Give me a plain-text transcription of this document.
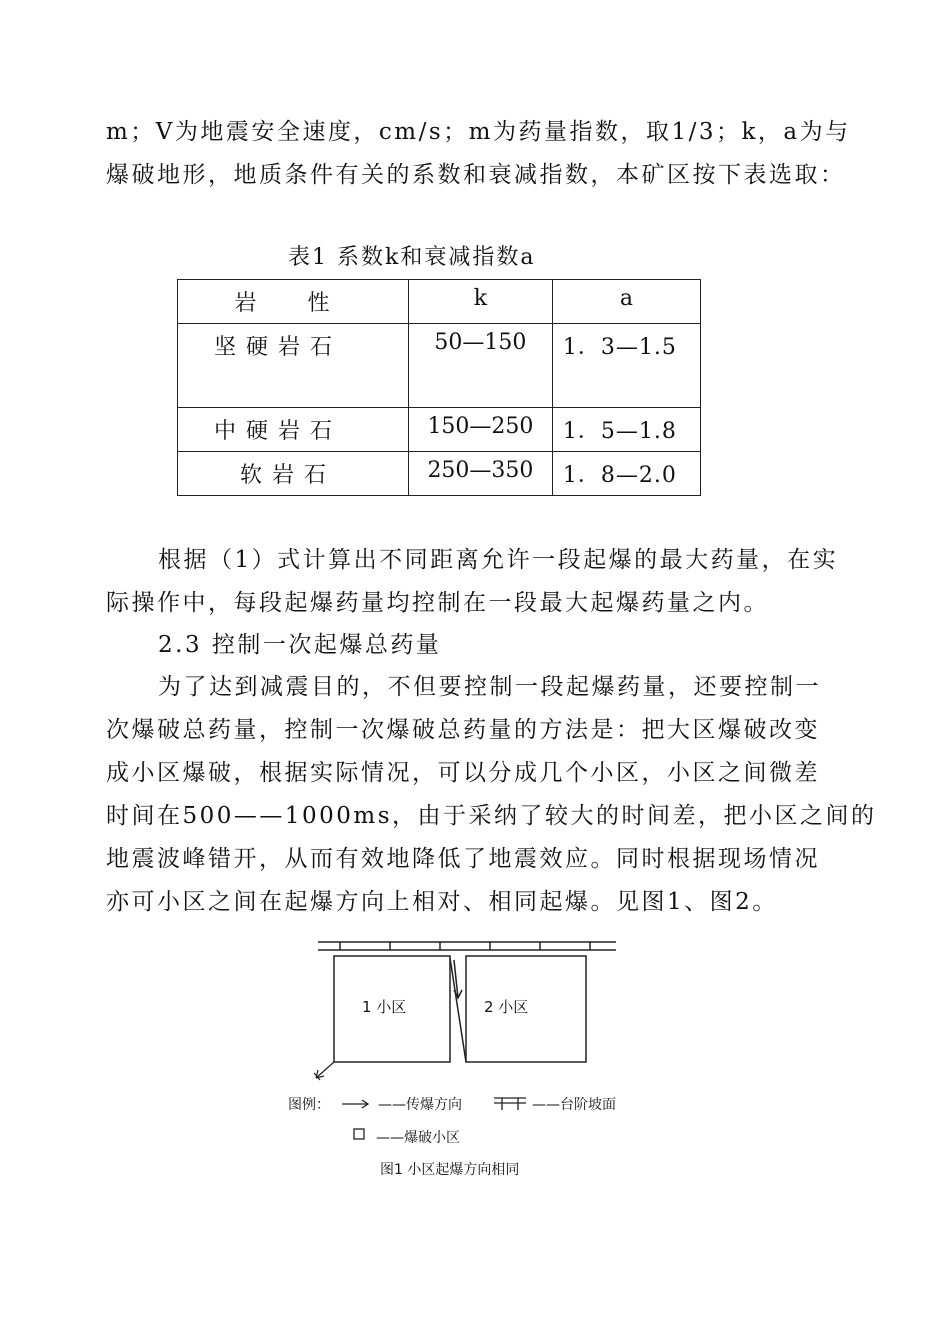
m；V为地震安全速度，cm/s；m为药量指数，取1/3；k，a为与
爆破地形，地质条件有关的系数和衰减指数，本矿区按下表选取：
表1 系数k和衰减指数a
岩 性	k	a
坚硬岩石	50—150	1．3—1.5
中硬岩石	150—250	1．5—1.8
软岩石	250—350	1．8—2.0
根据（1）式计算出不同距离允许一段起爆的最大药量，在实
际操作中，每段起爆药量均控制在一段最大起爆药量之内。
2.3 控制一次起爆总药量
为了达到减震目的，不但要控制一段起爆药量，还要控制一
次爆破总药量，控制一次爆破总药量的方法是：把大区爆破改变
成小区爆破，根据实际情况，可以分成几个小区，小区之间微差
时间在500——1000ms，由于采纳了较大的时间差，把小区之间的
地震波峰错开，从而有效地降低了地震效应。同时根据现场情况
亦可小区之间在起爆方向上相对、相同起爆。见图1、图2。
1 小区	2 小区
图例：	——传爆方向	——台阶坡面
——爆破小区
图1 小区起爆方向相同
